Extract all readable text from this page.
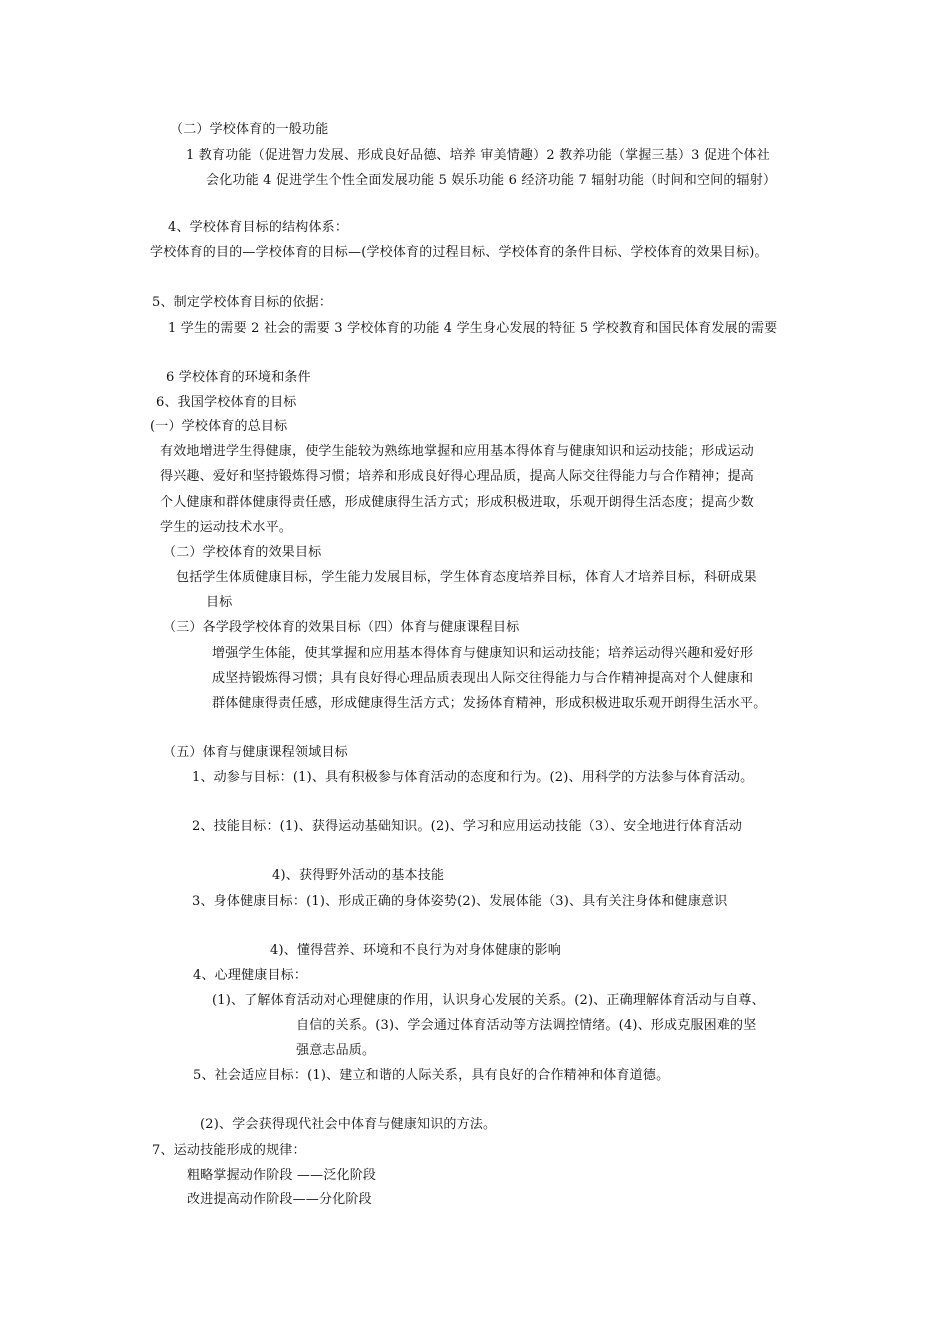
（二）学校体育的一般功能
1 教育功能（促进智力发展、形成良好品德、培养 审美情趣）2 教养功能（掌握三基）3 促进个体社
会化功能 4 促进学生个性全面发展功能 5 娱乐功能 6 经济功能 7 辐射功能（时间和空间的辐射）
4、学校体育目标的结构体系：
学校体育的目的—学校体育的目标—(学校体育的过程目标、学校体育的条件目标、学校体育的效果目标)。
5、制定学校体育目标的依据：
1 学生的需要 2 社会的需要 3 学校体育的功能 4 学生身心发展的特征 5 学校教育和国民体育发展的需要
6 学校体育的环境和条件
6、我国学校体育的目标
(一）学校体育的总目标
有效地增进学生得健康，使学生能较为熟练地掌握和应用基本得体育与健康知识和运动技能；形成运动
得兴趣、爱好和坚持锻炼得习惯；培养和形成良好得心理品质，提高人际交往得能力与合作精神；提高
个人健康和群体健康得责任感，形成健康得生活方式；形成积极进取，乐观开朗得生活态度；提高少数
学生的运动技术水平。
（二）学校体育的效果目标
包括学生体质健康目标，学生能力发展目标，学生体育态度培养目标，体育人才培养目标，科研成果
目标
（三）各学段学校体育的效果目标（四）体育与健康课程目标
增强学生体能，使其掌握和应用基本得体育与健康知识和运动技能；培养运动得兴趣和爱好形
成坚持锻炼得习惯；具有良好得心理品质表现出人际交往得能力与合作精神提高对个人健康和
群体健康得责任感，形成健康得生活方式；发扬体育精神，形成积极进取乐观开朗得生活水平。
（五）体育与健康课程领域目标
1、动参与目标：(1)、具有积极参与体育活动的态度和行为。(2)、用科学的方法参与体育活动。
2、技能目标：(1)、获得运动基础知识。(2)、学习和应用运动技能（3）、安全地进行体育活动
4)、获得野外活动的基本技能
3、身体健康目标：(1)、形成正确的身体姿势(2)、发展体能（3)、具有关注身体和健康意识
4)、懂得营养、环境和不良行为对身体健康的影响
4、心理健康目标：
(1)、了解体育活动对心理健康的作用，认识身心发展的关系。(2)、正确理解体育活动与自尊、
自信的关系。(3)、学会通过体育活动等方法调控情绪。(4)、形成克服困难的坚
强意志品质。
5、社会适应目标：(1)、建立和谐的人际关系，具有良好的合作精神和体育道德。
(2)、学会获得现代社会中体育与健康知识的方法。
7、运动技能形成的规律：
粗略掌握动作阶段 ——泛化阶段
改进提高动作阶段——分化阶段
